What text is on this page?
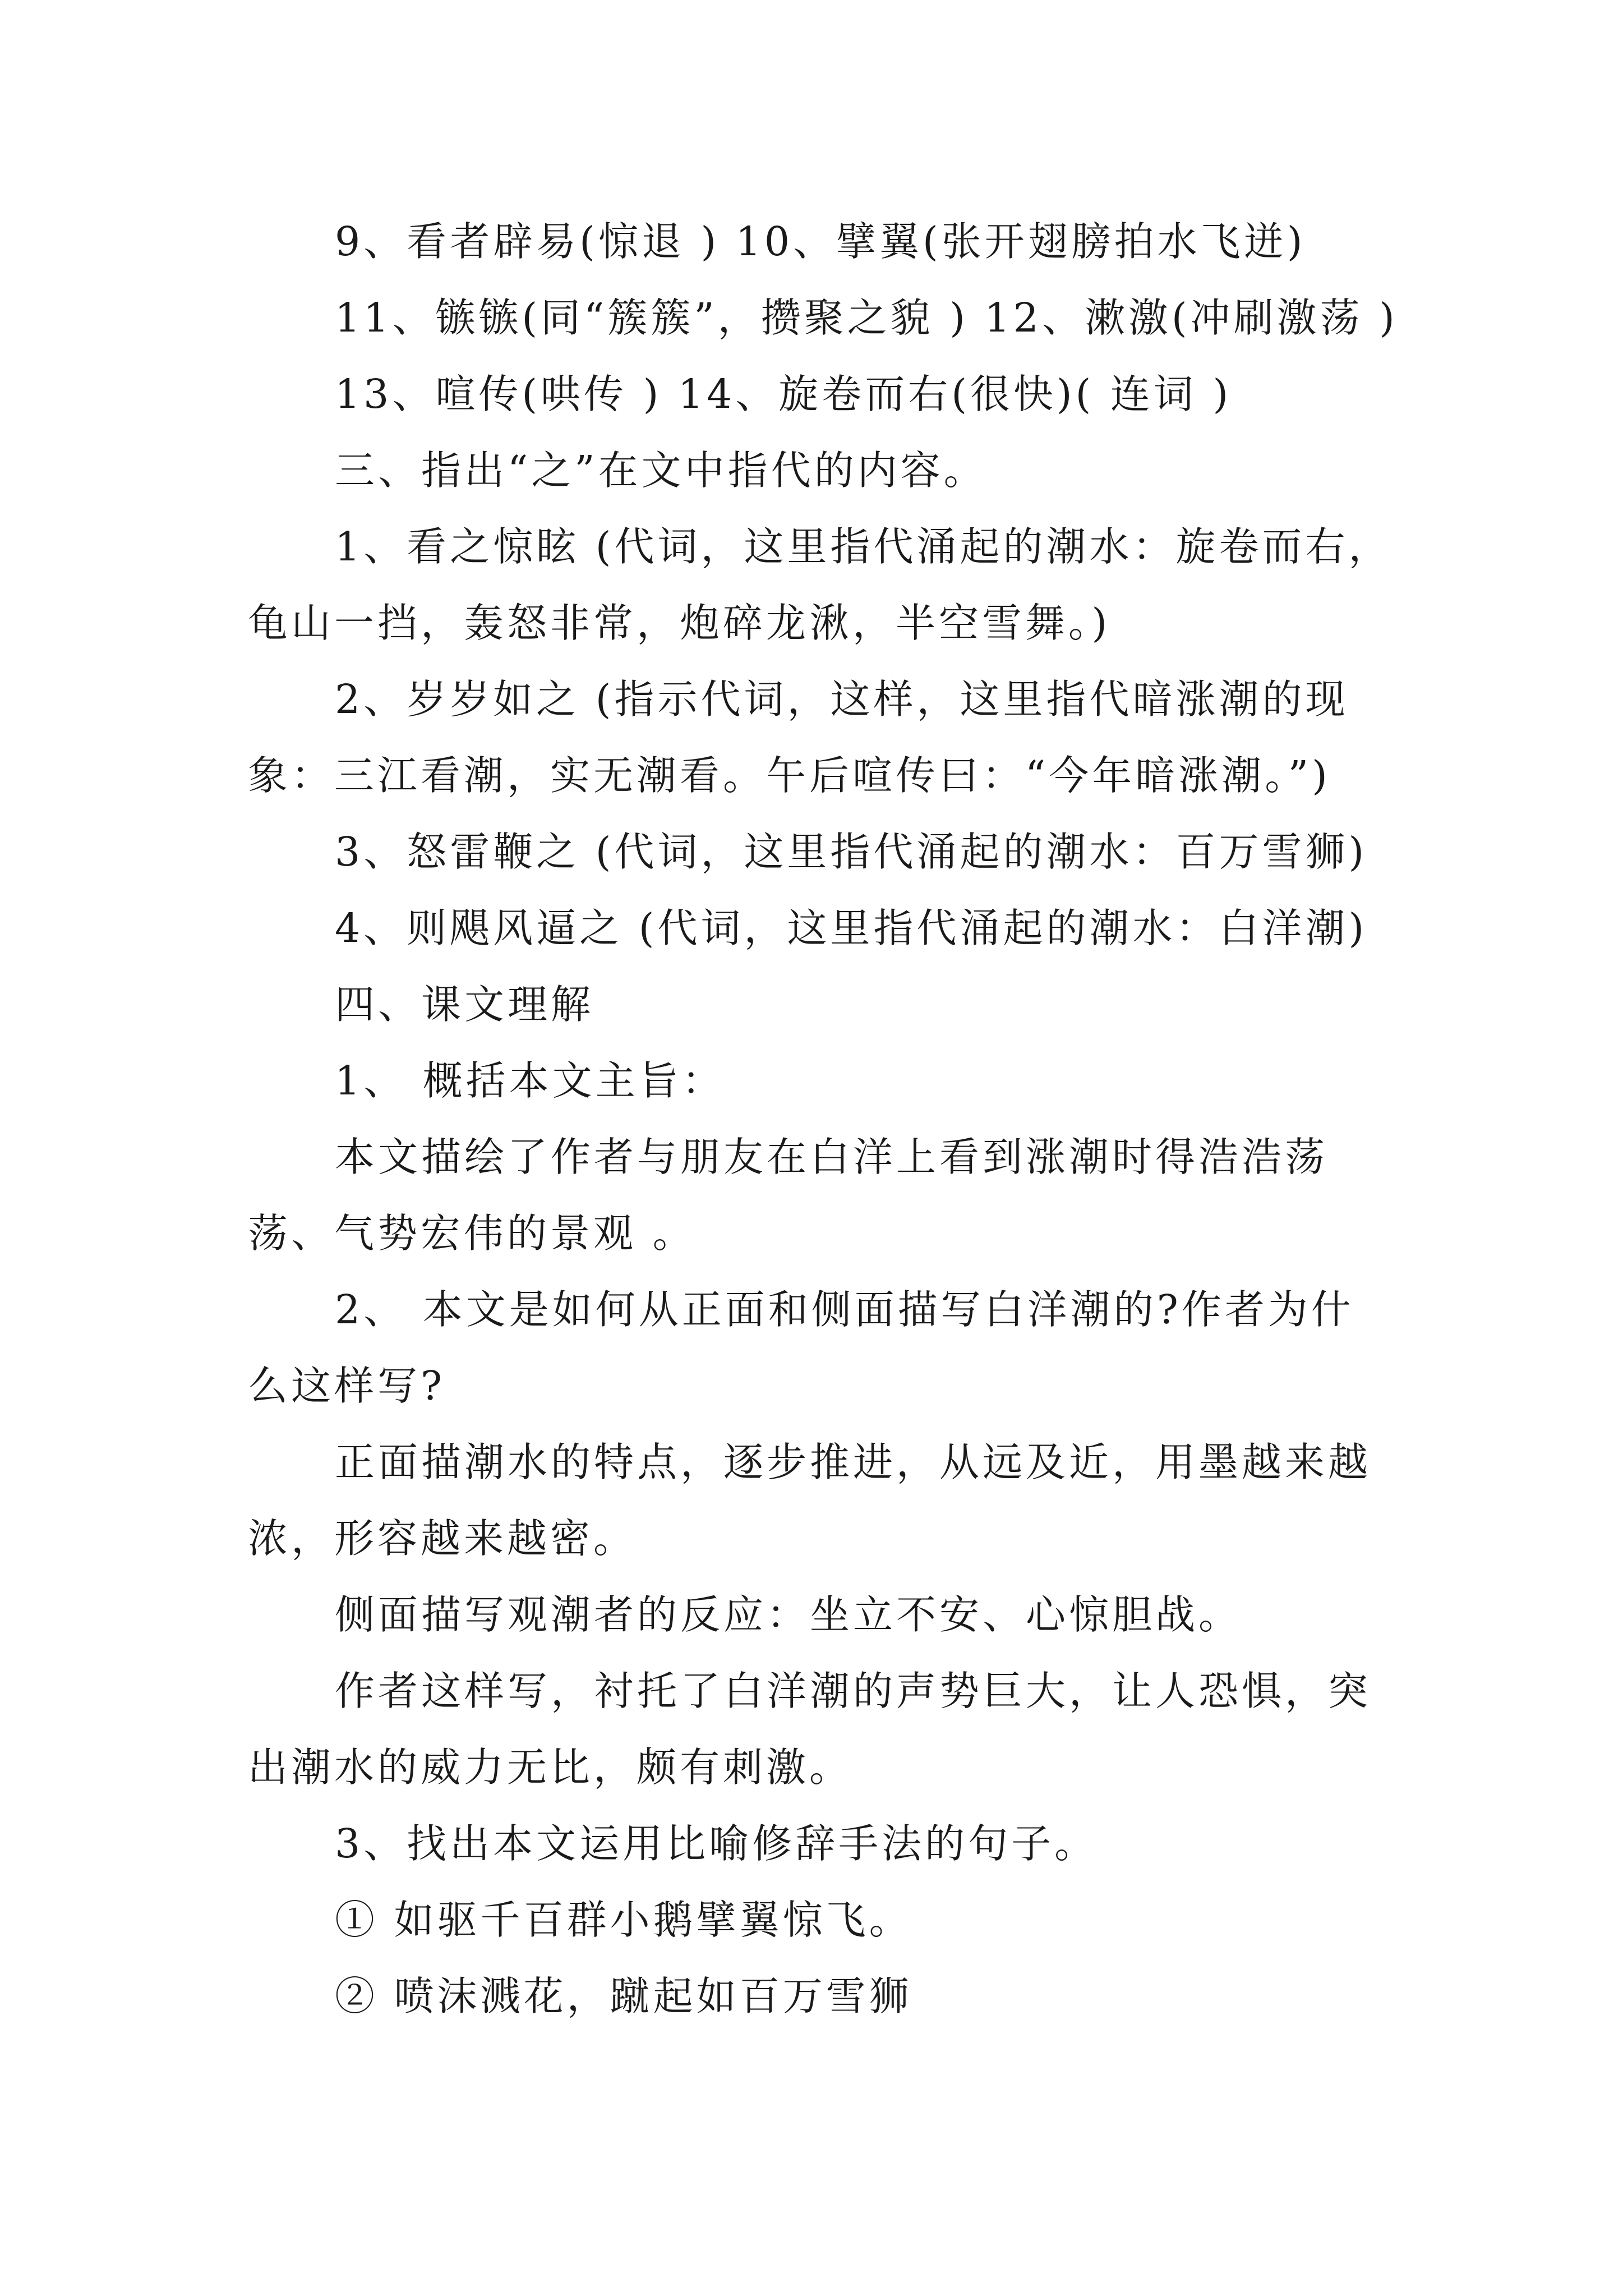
9、看者辟易(惊退 ) 10、擘翼(张开翅膀拍水飞迸)

11、镞镞(同“簇簇”，攒聚之貌 ) 12、漱激(冲刷激荡 )

13、喧传(哄传 ) 14、旋卷而右(很快)( 连词 )

三、指出“之”在文中指代的内容。

1、看之惊眩 (代词，这里指代涌起的潮水：旋卷而右，

龟山一挡，轰怒非常，炮碎龙湫，半空雪舞。)

2、岁岁如之 (指示代词，这样，这里指代暗涨潮的现

象：三江看潮，实无潮看。午后喧传曰：“今年暗涨潮。”)

3、怒雷鞭之 (代词，这里指代涌起的潮水：百万雪狮)

4、则飓风逼之 (代词，这里指代涌起的潮水：白洋潮)

四、课文理解

1、 概括本文主旨：

本文描绘了作者与朋友在白洋上看到涨潮时得浩浩荡

荡、气势宏伟的景观 。

2、 本文是如何从正面和侧面描写白洋潮的?作者为什

么这样写?

正面描潮水的特点，逐步推进，从远及近，用墨越来越

浓，形容越来越密。

侧面描写观潮者的反应：坐立不安、心惊胆战。

作者这样写，衬托了白洋潮的声势巨大，让人恐惧，突

出潮水的威力无比，颇有刺激。

3、找出本文运用比喻修辞手法的句子。

① 如驱千百群小鹅擘翼惊飞。

② 喷沫溅花，蹴起如百万雪狮
